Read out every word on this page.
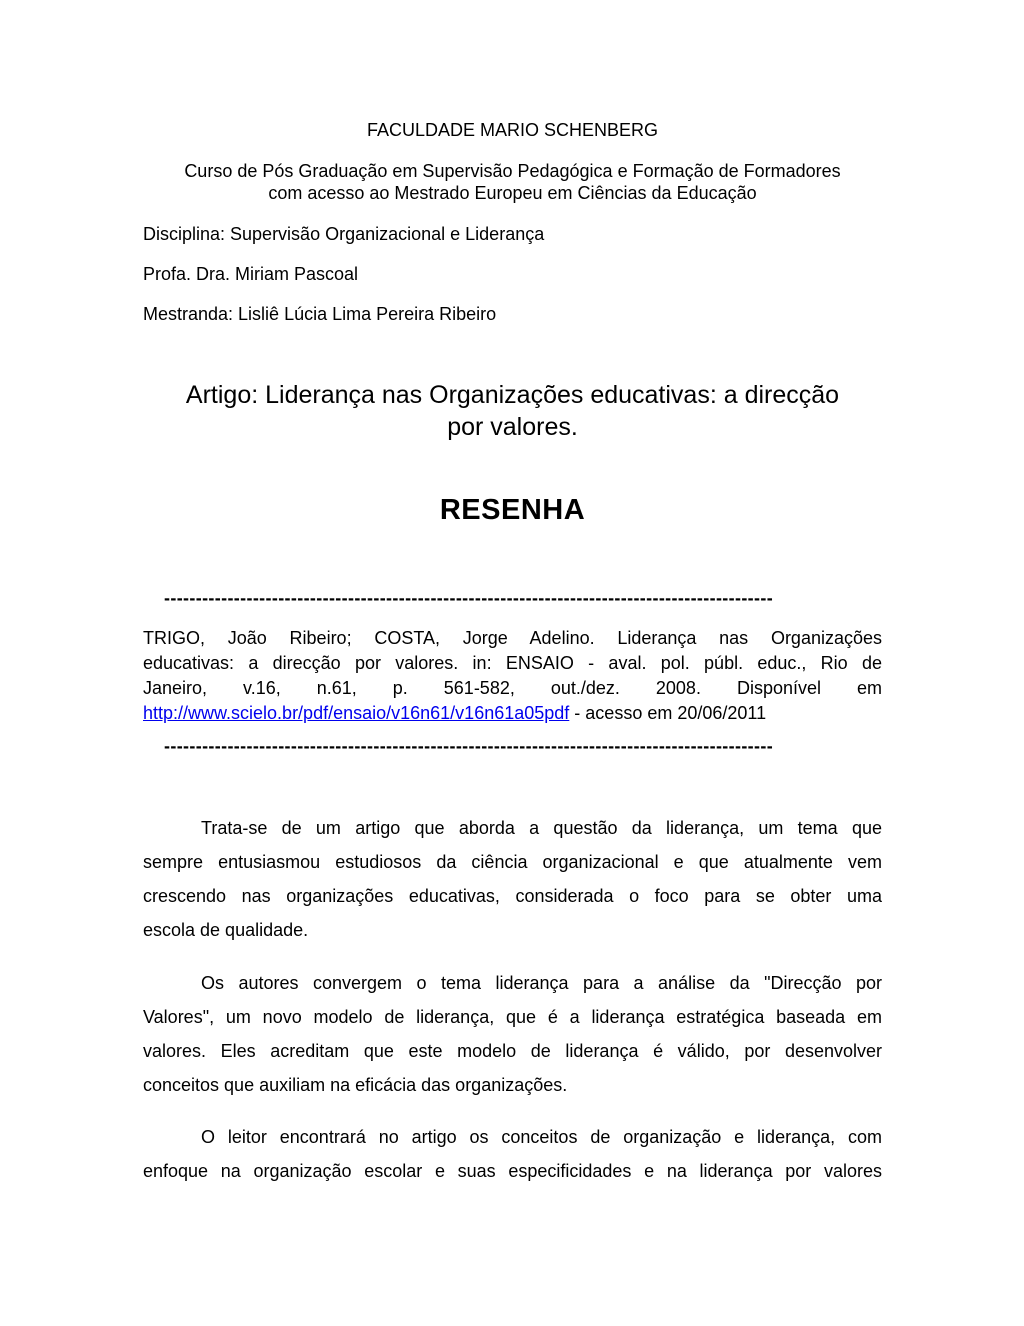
FACULDADE MARIO SCHENBERG

Curso de Pós Graduação em Supervisão Pedagógica e Formação de Formadores

com acesso ao Mestrado Europeu em Ciências da Educação

Disciplina: Supervisão Organizacional e Liderança

Profa. Dra. Miriam Pascoal

Mestranda: Lisliê Lúcia Lima Pereira Ribeiro

Artigo: Liderança nas Organizações educativas: a direcção

por valores.

RESENHA

------------------------------------------------------------------------------------------------

TRIGO, João Ribeiro; COSTA, Jorge Adelino. Liderança nas Organizações
educativas: a direcção por valores. in: ENSAIO - aval. pol. públ. educ., Rio de
Janeiro, v.16, n.61, p. 561-582, out./dez. 2008. Disponível em
http://www.scielo.br/pdf/ensaio/v16n61/v16n61a05pdf - acesso em 20/06/2011

------------------------------------------------------------------------------------------------

Trata-se de um artigo que aborda a questão da liderança, um tema que
sempre entusiasmou estudiosos da ciência organizacional e que atualmente vem
crescendo nas organizações educativas, considerada o foco para se obter uma
escola de qualidade.
Os autores convergem o tema liderança para a análise da "Direcção por
Valores", um novo modelo de liderança, que é a liderança estratégica baseada em
valores. Eles acreditam que este modelo de liderança é válido, por desenvolver
conceitos que auxiliam na eficácia das organizações.
O leitor encontrará no artigo os conceitos de organização e liderança, com
enfoque na organização escolar e suas especificidades e na liderança por valores
